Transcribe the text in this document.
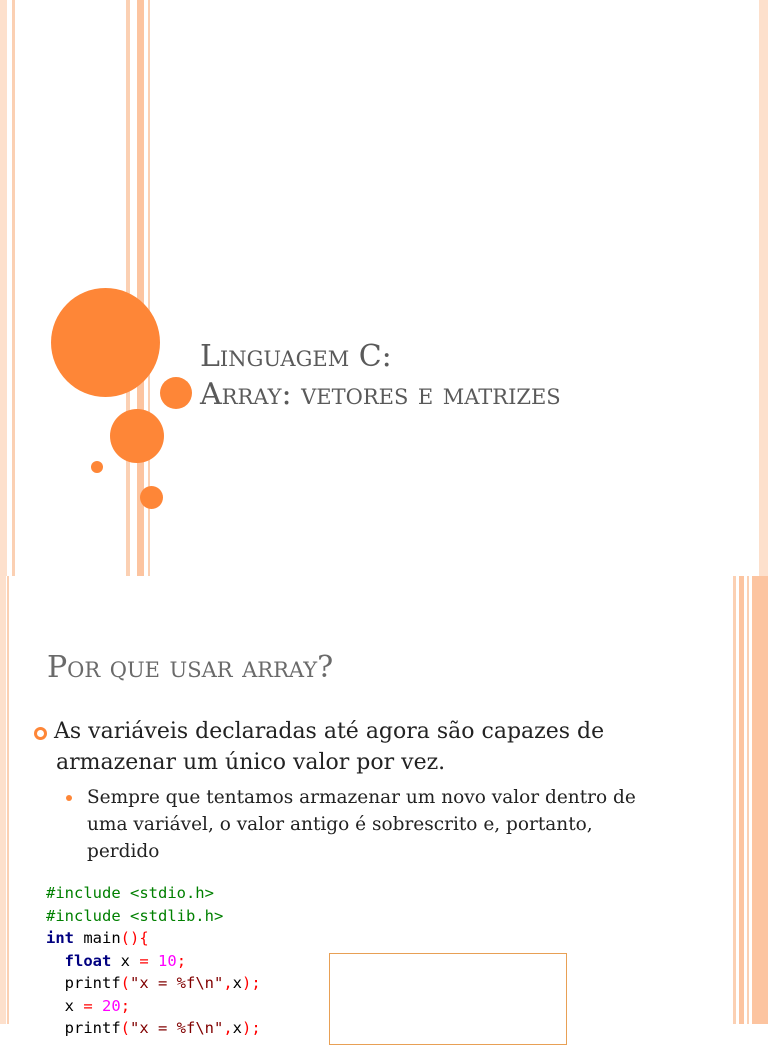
Linguagem C:
Array: vetores e matrizes
Por que usar array?
As variáveis declaradas até agora são capazes de armazenar um único valor por vez.
Sempre que tentamos armazenar um novo valor dentro de uma variável, o valor antigo é sobrescrito e, portanto, perdido
#include <stdio.h>
#include <stdlib.h>
int main(){
float x = 10;
printf("x = %f\n",x);
x = 20;
printf("x = %f\n",x);
